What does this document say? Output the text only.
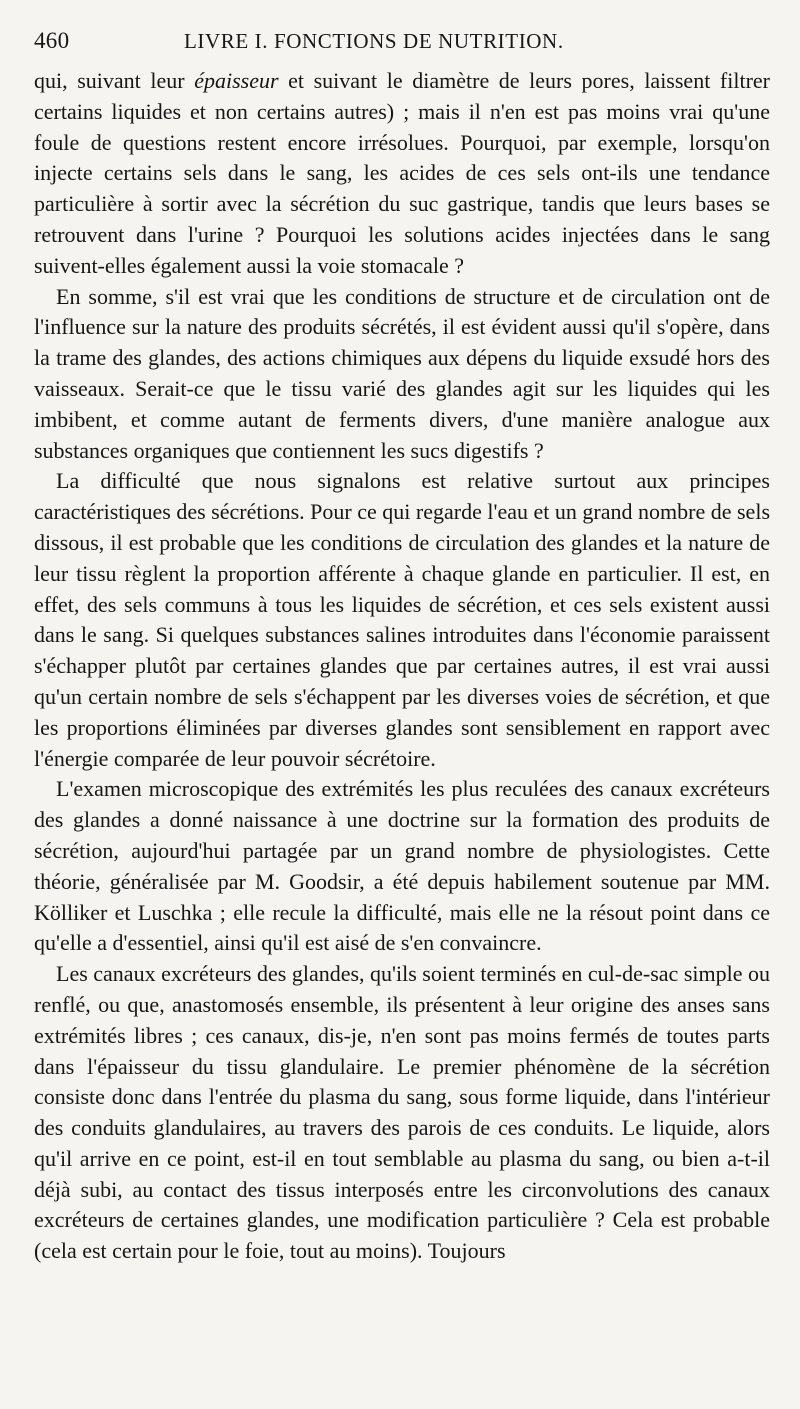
460	LIVRE I. FONCTIONS DE NUTRITION.

qui, suivant leur épaisseur et suivant le diamètre de leurs pores, laissent filtrer certains liquides et non certains autres) ; mais il n'en est pas moins vrai qu'une foule de questions restent encore irrésolues. Pourquoi, par exemple, lorsqu'on injecte certains sels dans le sang, les acides de ces sels ont-ils une tendance particulière à sortir avec la sécrétion du suc gastrique, tandis que leurs bases se retrouvent dans l'urine ? Pourquoi les solutions acides injectées dans le sang suivent-elles également aussi la voie stomacale ?

En somme, s'il est vrai que les conditions de structure et de circulation ont de l'influence sur la nature des produits sécrétés, il est évident aussi qu'il s'opère, dans la trame des glandes, des actions chimiques aux dépens du liquide exsudé hors des vaisseaux. Serait-ce que le tissu varié des glandes agit sur les liquides qui les imbibent, et comme autant de ferments divers, d'une manière analogue aux substances organiques que contiennent les sucs digestifs ?

La difficulté que nous signalons est relative surtout aux principes caractéristiques des sécrétions. Pour ce qui regarde l'eau et un grand nombre de sels dissous, il est probable que les conditions de circulation des glandes et la nature de leur tissu règlent la proportion afférente à chaque glande en particulier. Il est, en effet, des sels communs à tous les liquides de sécrétion, et ces sels existent aussi dans le sang. Si quelques substances salines introduites dans l'économie paraissent s'échapper plutôt par certaines glandes que par certaines autres, il est vrai aussi qu'un certain nombre de sels s'échappent par les diverses voies de sécrétion, et que les proportions éliminées par diverses glandes sont sensiblement en rapport avec l'énergie comparée de leur pouvoir sécrétoire.

L'examen microscopique des extrémités les plus reculées des canaux excréteurs des glandes a donné naissance à une doctrine sur la formation des produits de sécrétion, aujourd'hui partagée par un grand nombre de physiologistes. Cette théorie, généralisée par M. Goodsir, a été depuis habilement soutenue par MM. Kölliker et Luschka ; elle recule la difficulté, mais elle ne la résout point dans ce qu'elle a d'essentiel, ainsi qu'il est aisé de s'en convaincre.

Les canaux excréteurs des glandes, qu'ils soient terminés en cul-de-sac simple ou renflé, ou que, anastomosés ensemble, ils présentent à leur origine des anses sans extrémités libres ; ces canaux, dis-je, n'en sont pas moins fermés de toutes parts dans l'épaisseur du tissu glandulaire. Le premier phénomène de la sécrétion consiste donc dans l'entrée du plasma du sang, sous forme liquide, dans l'intérieur des conduits glandulaires, au travers des parois de ces conduits. Le liquide, alors qu'il arrive en ce point, est-il en tout semblable au plasma du sang, ou bien a-t-il déjà subi, au contact des tissus interposés entre les circonvolutions des canaux excréteurs de certaines glandes, une modification particulière ? Cela est probable (cela est certain pour le foie, tout au moins). Toujours
